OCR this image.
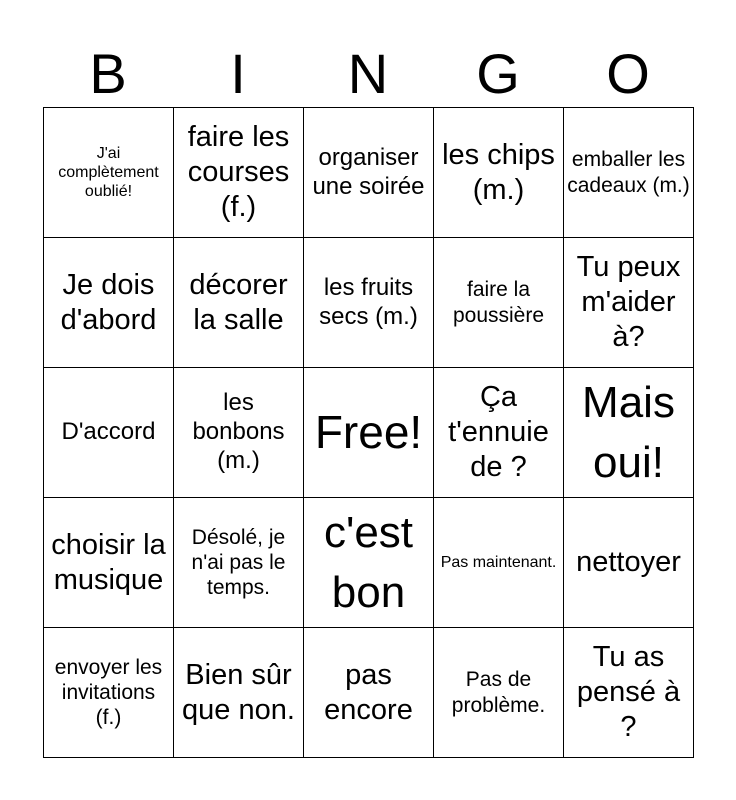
B	I	N	G	O
J'ai complètement oublié!	faire les courses (f.)	organiser une soirée	les chips (m.)	emballer les cadeaux (m.)
Je dois d'abord	décorer la salle	les fruits secs (m.)	faire la poussière	Tu peux m'aider à?
D'accord	les bonbons (m.)	Free!	Ça t'ennuie de ?	Mais oui!
choisir la musique	Désolé, je n'ai pas le temps.	c'est bon	Pas maintenant.	nettoyer
envoyer les invitations (f.)	Bien sûr que non.	pas encore	Pas de problème.	Tu as pensé à ?
